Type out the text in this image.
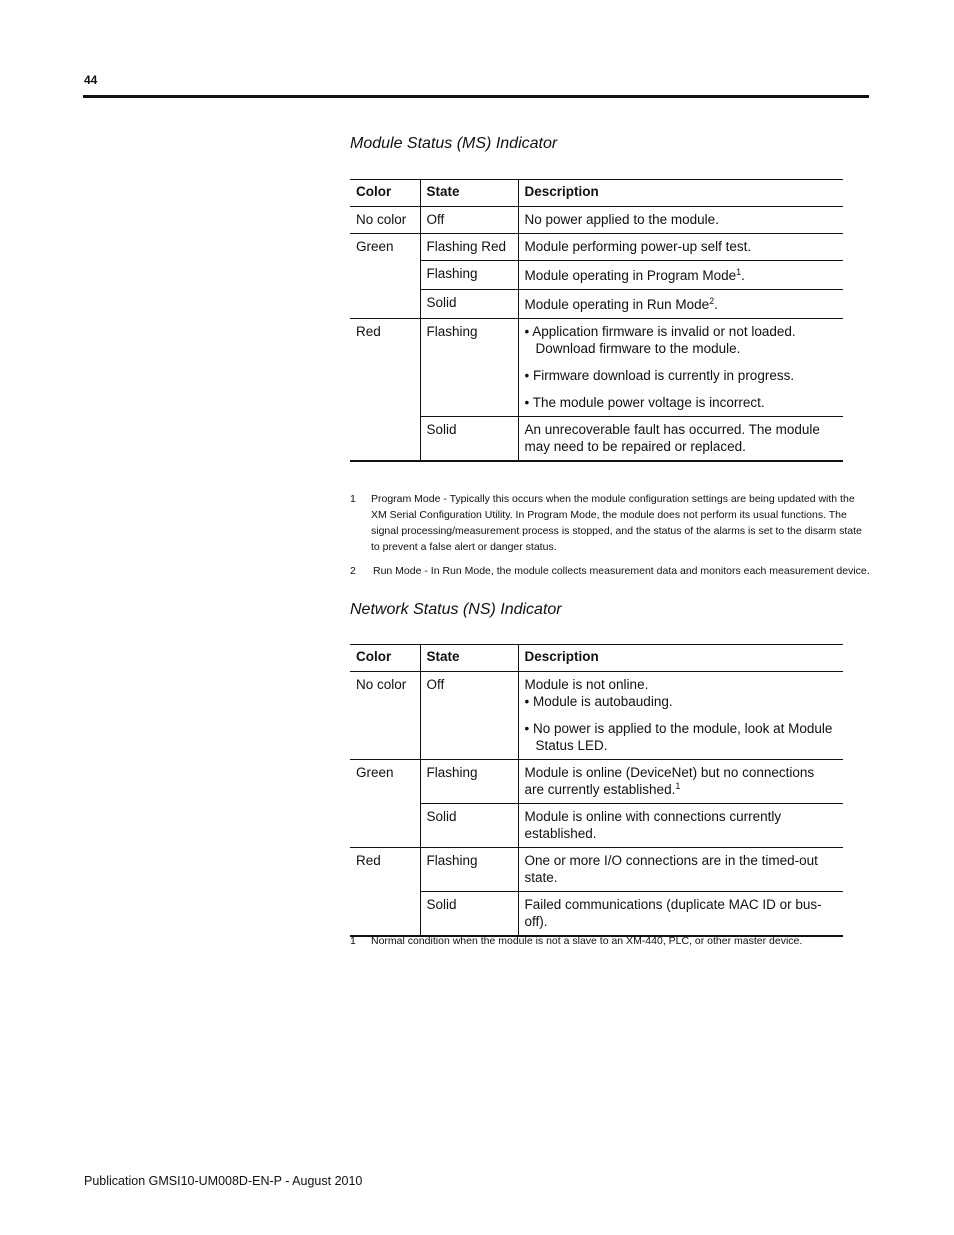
44
Module Status (MS) Indicator
Color	State	Description
No color	Off	No power applied to the module.
Green	Flashing Red	Module performing power-up self test.
	Flashing	Module operating in Program Mode$^1$.
	Solid	Module operating in Run Mode$^2$.
Red	Flashing	• Application firmware is invalid or not loaded. Download firmware to the module.
• Firmware download is currently in progress.
• The module power voltage is incorrect.

	Solid	An unrecoverable fault has occurred. The module may need to be repaired or replaced.
1	Program Mode - Typically this occurs when the module configuration settings are being updated with the XM Serial Configuration Utility. In Program Mode, the module does not perform its usual functions. The signal processing/measurement process is stopped, and the status of the alarms is set to the disarm state to prevent a false alert or danger status.
2	Run Mode - In Run Mode, the module collects measurement data and monitors each measurement device.
Network Status (NS) Indicator
Color	State	Description
No color	Off	Module is not online.
• Module is autobauding.
• No power is applied to the module, look at Module Status LED.

Green	Flashing	Module is online (DeviceNet) but no connections are currently established.$^1$
	Solid	Module is online with connections currently established.
Red	Flashing	One or more I/O connections are in the timed-out state.
	Solid	Failed communications (duplicate MAC ID or bus-off).
1	Normal condition when the module is not a slave to an XM-440, PLC, or other master device.
Publication GMSI10-UM008D-EN-P - August 2010
